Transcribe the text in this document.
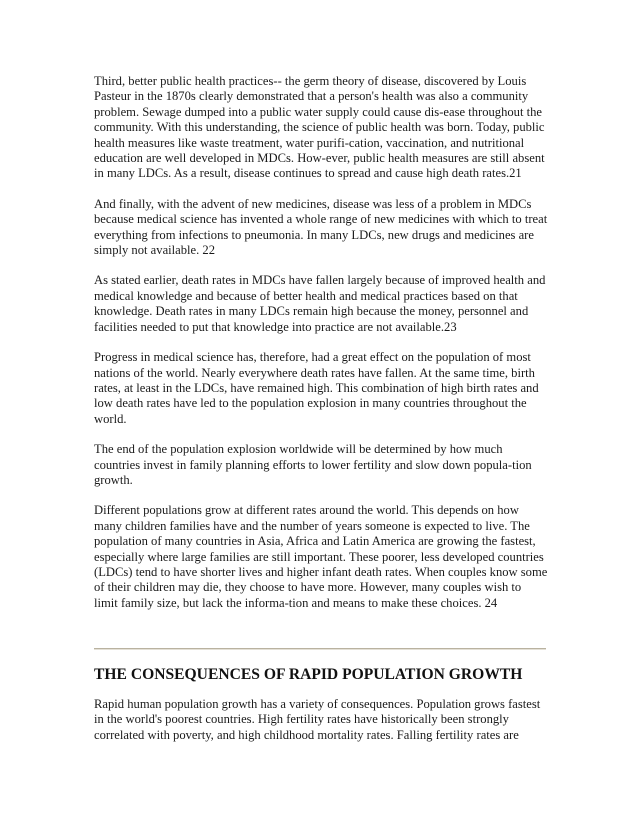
Third, better public health practices-- the germ theory of disease, discovered by Louis Pasteur in the 1870s clearly demonstrated that a person's health was also a community problem. Sewage dumped into a public water supply could cause dis-ease throughout the community. With this understanding, the science of public health was born. Today, public health measures like waste treatment, water purifi-cation, vaccination, and nutritional education are well developed in MDCs. How-ever, public health measures are still absent in many LDCs. As a result, disease continues to spread and cause high death rates.21

And finally, with the advent of new medicines, disease was less of a problem in MDCs because medical science has invented a whole range of new medicines with which to treat everything from infections to pneumonia. In many LDCs, new drugs and medicines are simply not available. 22

As stated earlier, death rates in MDCs have fallen largely because of improved health and medical knowledge and because of better health and medical practices based on that knowledge. Death rates in many LDCs remain high because the money, personnel and facilities needed to put that knowledge into practice are not available.23

Progress in medical science has, therefore, had a great effect on the population of most nations of the world. Nearly everywhere death rates have fallen. At the same time, birth rates, at least in the LDCs, have remained high. This combination of high birth rates and low death rates have led to the population explosion in many countries throughout the world.

The end of the population explosion worldwide will be determined by how much countries invest in family planning efforts to lower fertility and slow down popula-tion growth.

Different populations grow at different rates around the world. This depends on how many children families have and the number of years someone is expected to live. The population of many countries in Asia, Africa and Latin America are growing the fastest, especially where large families are still important. These poorer, less developed countries (LDCs) tend to have shorter lives and higher infant death rates. When couples know some of their children may die, they choose to have more. However, many couples wish to limit family size, but lack the informa-tion and means to make these choices. 24

THE CONSEQUENCES OF RAPID POPULATION GROWTH

Rapid human population growth has a variety of consequences. Population grows fastest in the world's poorest countries. High fertility rates have historically been strongly correlated with poverty, and high childhood mortality rates. Falling fertility rates are
